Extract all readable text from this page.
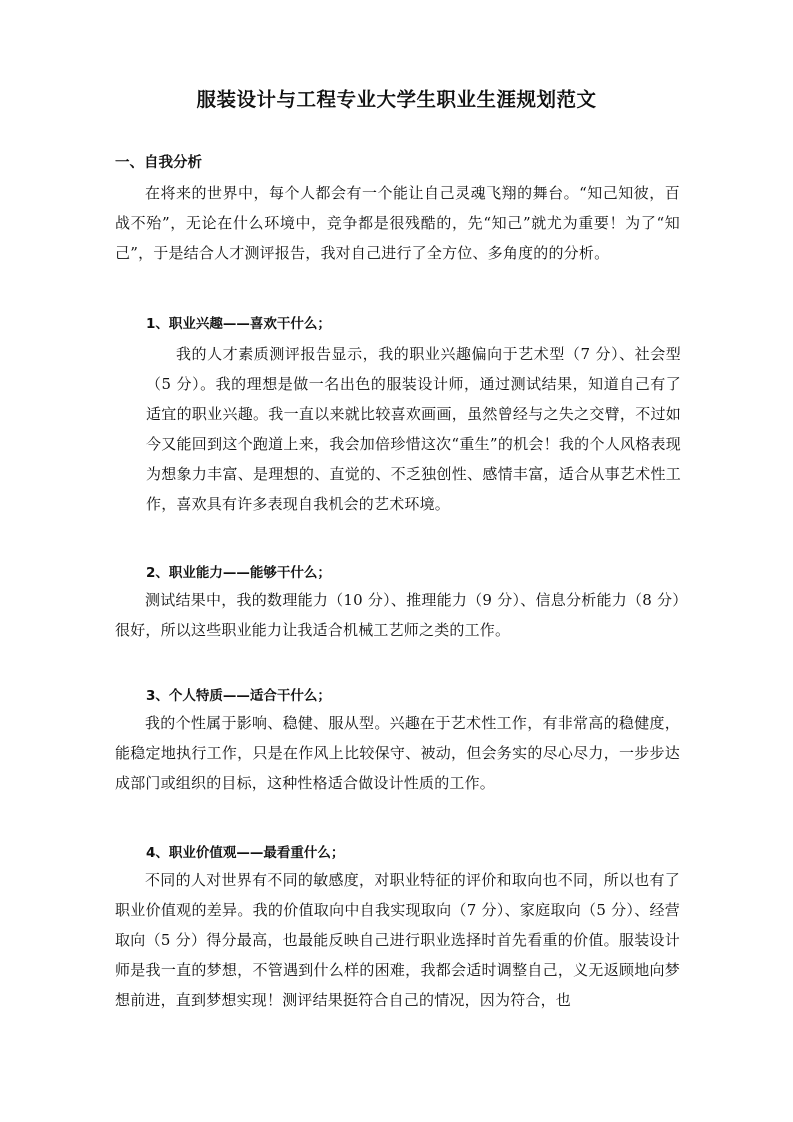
服装设计与工程专业大学生职业生涯规划范文
一、自我分析

在将来的世界中，每个人都会有一个能让自己灵魂飞翔的舞台。“知己知彼，百战不殆”，无论在什么环境中，竞争都是很残酷的，先“知己”就尤为重要！为了“知己”，于是结合人才测评报告，我对自己进行了全方位、多角度的的分析。

1、职业兴趣——喜欢干什么；

我的人才素质测评报告显示，我的职业兴趣偏向于艺术型（7 分）、社会型（5 分）。我的理想是做一名出色的服装设计师，通过测试结果，知道自己有了适宜的职业兴趣。我一直以来就比较喜欢画画，虽然曾经与之失之交臂，不过如今又能回到这个跑道上来，我会加倍珍惜这次“重生”的机会！我的个人风格表现为想象力丰富、是理想的、直觉的、不乏独创性、感情丰富，适合从事艺术性工作，喜欢具有许多表现自我机会的艺术环境。

2、职业能力——能够干什么；

测试结果中，我的数理能力（10 分）、推理能力（9 分）、信息分析能力（8 分）很好，所以这些职业能力让我适合机械工艺师之类的工作。

3、个人特质——适合干什么；

我的个性属于影响、稳健、服从型。兴趣在于艺术性工作，有非常高的稳健度，能稳定地执行工作，只是在作风上比较保守、被动，但会务实的尽心尽力，一步步达成部门或组织的目标，这种性格适合做设计性质的工作。

4、职业价值观——最看重什么；

不同的人对世界有不同的敏感度，对职业特征的评价和取向也不同，所以也有了职业价值观的差异。我的价值取向中自我实现取向（7 分）、家庭取向（5 分）、经营取向（5 分）得分最高，也最能反映自己进行职业选择时首先看重的价值。服装设计师是我一直的梦想，不管遇到什么样的困难，我都会适时调整自己，义无返顾地向梦想前进，直到梦想实现！测评结果挺符合自己的情况，因为符合，也
